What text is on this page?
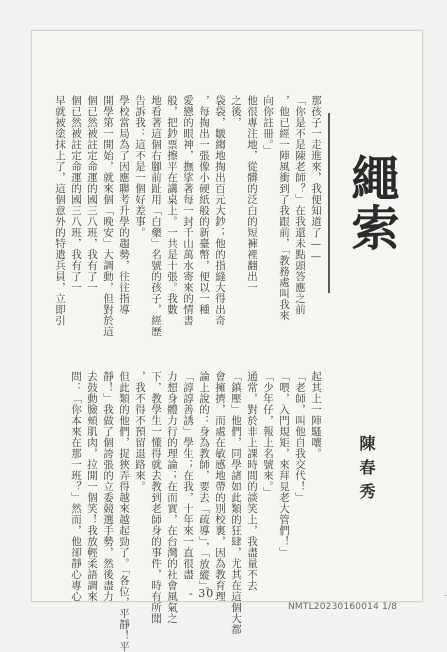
繩索
陳春秀
那孩子一走進來，我便知道了——
「你是不是陳老師？」在我還未點頭答應之前
，他已經一陣風衝到了我跟前，「教務處叫我來
向你註冊。」
他很專注地，從髒的泛白的短褲裡翻出一
之後，
袋袋，皺縐地掏出百元大鈔；他的指縫大得出奇
，每掏出一張像小硬紙般的新臺幣，便以一種
愛戀的眼神，撫挲著每一封千山萬水寄來的情書
般，把鈔票擦平在講桌上。一共是十張。我數
地看著這個右腳前趾用「白藥」名號的孩子，經歷
告訴我：這不是一個好差事。
學校當局為了因應聯考升學的趨勢，往往指導
開學第一開始，就來個「晚安」大調動，但對於這
個已然被註定命運的國三八班，我有了一
個已然被註定命運的國三八班，我有了一
早就被塗抹上了，這個意外的特遣兵員，立即引
起其上一陣騷嚷。
「老師，叫他自我交代！」
「喂，入門規矩，來拜見老大管們！」
「少年仔，報上名號來。」
通常，對於非上課時間的談笑上，我盡量不去
「鎮壓」他們，同學諸如此類的狂肆，尤其在這個大都
會擁擠，而處在敏感地帶的別校裏，因為教育理
論上說的：身為教師，要去「疏導」，「放縱」。
「諄諄善誘」學生；在我，十年來一直很盡
力想身體力行的理論；在而實，在台灣的社會風氣之
下，教學生一懂得就去教到老師身的事件，時有所聞
，我不得不預留退路來。
但此類的他們，捉狹弄得越來越起勁了。「各位，平靜！平
靜！」我做了個誇張的立委競選手勢，然後盡力
去鼓動臉頰肌肉，拉開一個笑！我放輕柔語調來
問：「你本來在那一班？」然而，他卻靜心專心	- 30 -
NMTL20230160014 1/8
